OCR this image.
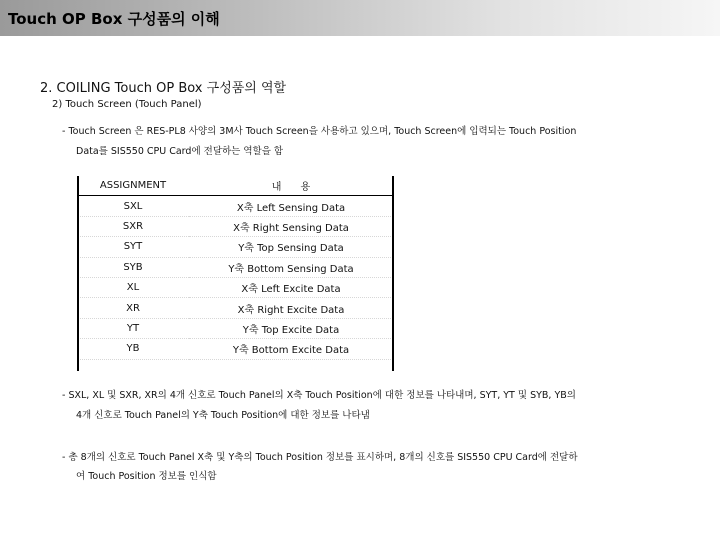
Touch OP Box 구성품의 이해
2. COILING Touch OP Box 구성품의 역할
2) Touch Screen (Touch Panel)
- Touch Screen 은 RES-PL8 사양의 3M사 Touch Screen을 사용하고 있으며, Touch Screen에 입력되는 Touch Position
Data를 SIS550 CPU Card에 전달하는 역할을 함
ASSIGNMENT	내      용
SXL	X축 Left Sensing Data
SXR	X축 Right Sensing Data
SYT	Y축 Top Sensing Data
SYB	Y축 Bottom Sensing Data
XL	X축 Left Excite Data
XR	X축 Right Excite Data
YT	Y축 Top Excite Data
YB	Y축 Bottom Excite Data
- SXL, XL 및 SXR, XR의 4개 신호로 Touch Panel의 X축 Touch Position에 대한 정보를 나타내며, SYT, YT 및 SYB, YB의
4개 신호로 Touch Panel의 Y축 Touch Position에 대한 정보를 나타냄
- 총 8개의 신호로 Touch Panel X축 및 Y축의 Touch Position 정보를 표시하며, 8개의 신호를 SIS550 CPU Card에 전달하
여 Touch Position 정보를 인식함
